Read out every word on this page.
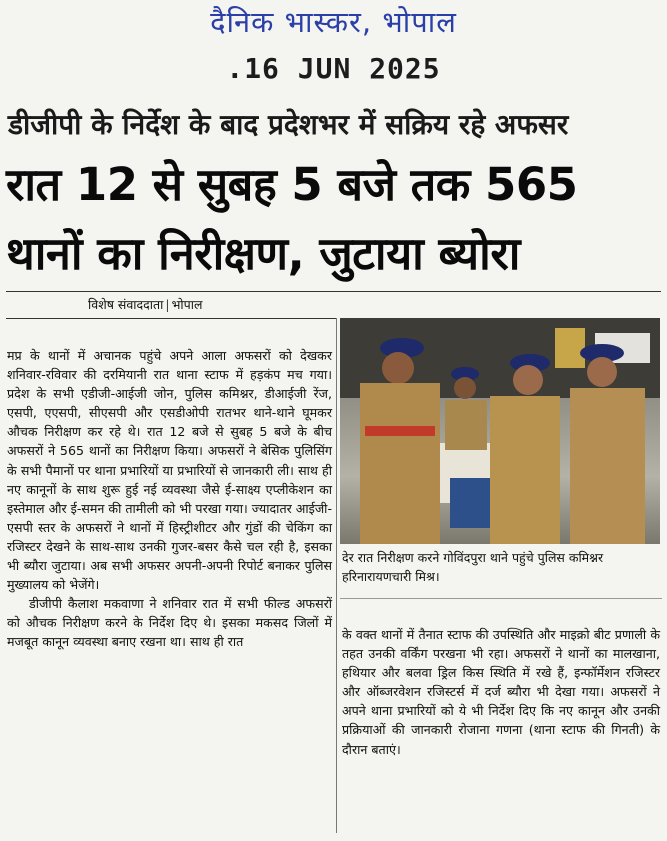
दैनिक भास्कर, भोपाल
.16 JUN 2025
डीजीपी के निर्देश के बाद प्रदेशभर में सक्रिय रहे अफसर
रात 12 से सुबह 5 बजे तक 565
थानों का निरीक्षण, जुटाया ब्योरा
विशेष संवाददाता | भोपाल
देर रात निरीक्षण करने गोविंदपुरा थाने पहुंचे पुलिस कमिश्नर हरिनारायणचारी मिश्र।

मप्र के थानों में अचानक पहुंचे अपने आला अफसरों को देखकर शनिवार-रविवार की दरमियानी रात थाना स्टाफ में हड़कंप मच गया। प्रदेश के सभी एडीजी-आईजी जोन, पुलिस कमिश्नर, डीआईजी रेंज, एसपी, एएसपी, सीएसपी और एसडीओपी रातभर थाने-थाने घूमकर औचक निरीक्षण कर रहे थे। रात 12 बजे से सुबह 5 बजे के बीच अफसरों ने 565 थानों का निरीक्षण किया। अफसरों ने बेसिक पुलिसिंग के सभी पैमानों पर थाना प्रभारियों या प्रभारियों से जानकारी ली। साथ ही नए कानूनों के साथ शुरू हुई नई व्यवस्था जैसे ई-साक्ष्य एप्लीकेशन का इस्तेमाल और ई-समन की तामीली को भी परखा गया। ज्यादातर आईजी-एसपी स्तर के अफसरों ने थानों में हिस्ट्रीशीटर और गुंडों की चेकिंग का रजिस्टर देखने के साथ-साथ उनकी गुजर-बसर कैसे चल रही है, इसका भी ब्यौरा जुटाया। अब सभी अफसर अपनी-अपनी रिपोर्ट बनाकर पुलिस मुख्यालय को भेजेंगे।

डीजीपी कैलाश मकवाणा ने शनिवार रात में सभी फील्ड अफसरों को औचक निरीक्षण करने के निर्देश दिए थे। इसका मकसद जिलों में मजबूत कानून व्यवस्था बनाए रखना था। साथ ही रात	के वक्त थानों में तैनात स्टाफ की उपस्थिति और माइक्रो बीट प्रणाली के तहत उनकी वर्किंग परखना भी रहा। अफसरों ने थानों का मालखाना, हथियार और बलवा ड्रिल किस स्थिति में रखे हैं, इन्फॉर्मेशन रजिस्टर और ऑब्जरवेशन रजिस्टर्स में दर्ज ब्यौरा भी देखा गया। अफसरों ने अपने थाना प्रभारियों को ये भी निर्देश दिए कि नए कानून और उनकी प्रक्रियाओं की जानकारी रोजाना गणना (थाना स्टाफ की गिनती) के दौरान बताएं।
